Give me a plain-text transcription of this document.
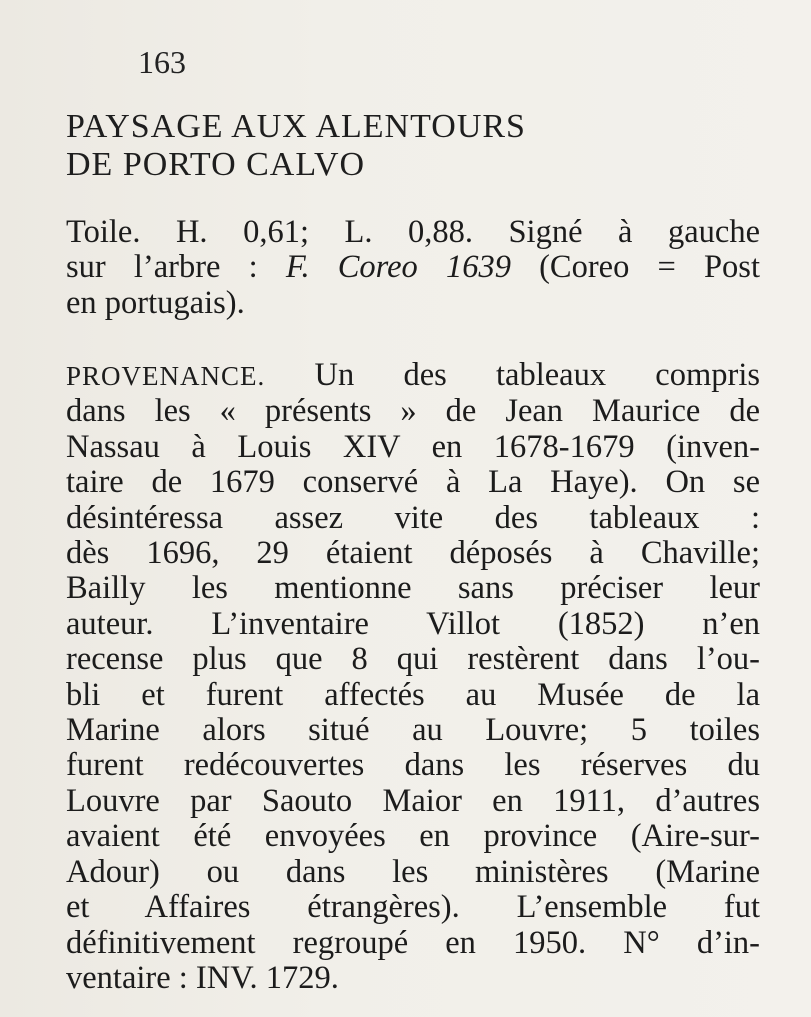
163
PAYSAGE AUX ALENTOURS
DE PORTO CALVO

Toile. H. 0,61; L. 0,88. Signé à gauche
sur l’arbre : F. Coreo 1639 (Coreo = Post
en portugais).

PROVENANCE. Un des tableaux compris
dans les « présents » de Jean Maurice de
Nassau à Louis XIV en 1678-1679 (inven-
taire de 1679 conservé à La Haye). On se
désintéressa assez vite des tableaux :
dès 1696, 29 étaient déposés à Chaville;
Bailly les mentionne sans préciser leur
auteur. L’inventaire Villot (1852) n’en
recense plus que 8 qui restèrent dans l’ou-
bli et furent affectés au Musée de la
Marine alors situé au Louvre; 5 toiles
furent redécouvertes dans les réserves du
Louvre par Saouto Maior en 1911, d’autres
avaient été envoyées en province (Aire-sur-
Adour) ou dans les ministères (Marine
et Affaires étrangères). L’ensemble fut
définitivement regroupé en 1950. N° d’in-
ventaire : INV. 1729.
